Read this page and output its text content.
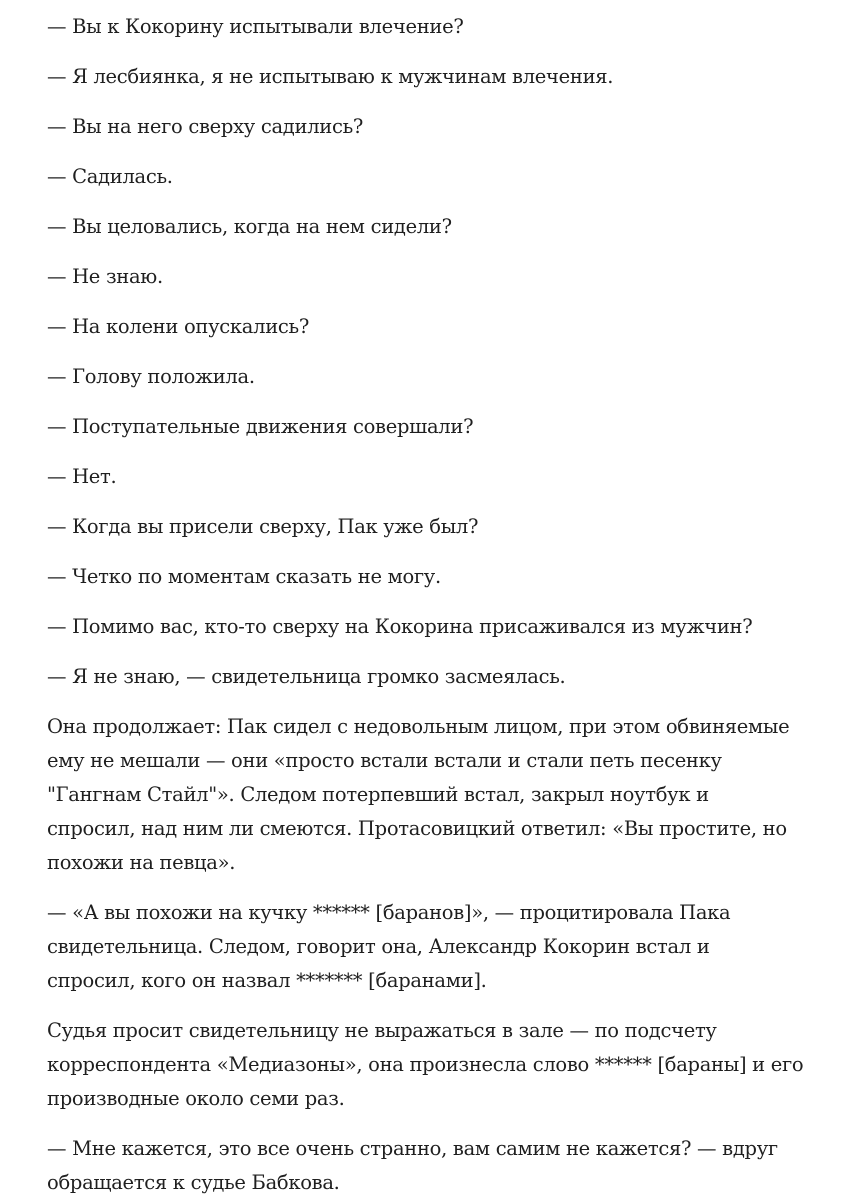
— Вы к Кокорину испытывали влечение?

— Я лесбиянка, я не испытываю к мужчинам влечения.

— Вы на него сверху садились?

— Садилась.

— Вы целовались, когда на нем сидели?

— Не знаю.

— На колени опускались?

— Голову положила.

— Поступательные движения совершали?

— Нет.

— Когда вы присели сверху, Пак уже был?

— Четко по моментам сказать не могу.

— Помимо вас, кто-то сверху на Кокорина присаживался из мужчин?

— Я не знаю, — свидетельница громко засмеялась.

Она продолжает: Пак сидел с недовольным лицом, при этом обвиняемые
ему не мешали — они «просто встали встали и стали петь песенку
"Гангнам Стайл"». Следом потерпевший встал, закрыл ноутбук и
спросил, над ним ли смеются. Протасовицкий ответил: «Вы простите, но
похожи на певца».
— «А вы похожи на кучку ****** [баранов]», — процитировала Пака
свидетельница. Следом, говорит она, Александр Кокорин встал и
спросил, кого он назвал ******* [баранами].
Судья просит свидетельницу не выражаться в зале — по подсчету
корреспондента «Медиазоны», она произнесла слово ****** [бараны] и его
производные около семи раз.
— Мне кажется, это все очень странно, вам самим не кажется? — вдруг
обращается к судье Бабкова.
